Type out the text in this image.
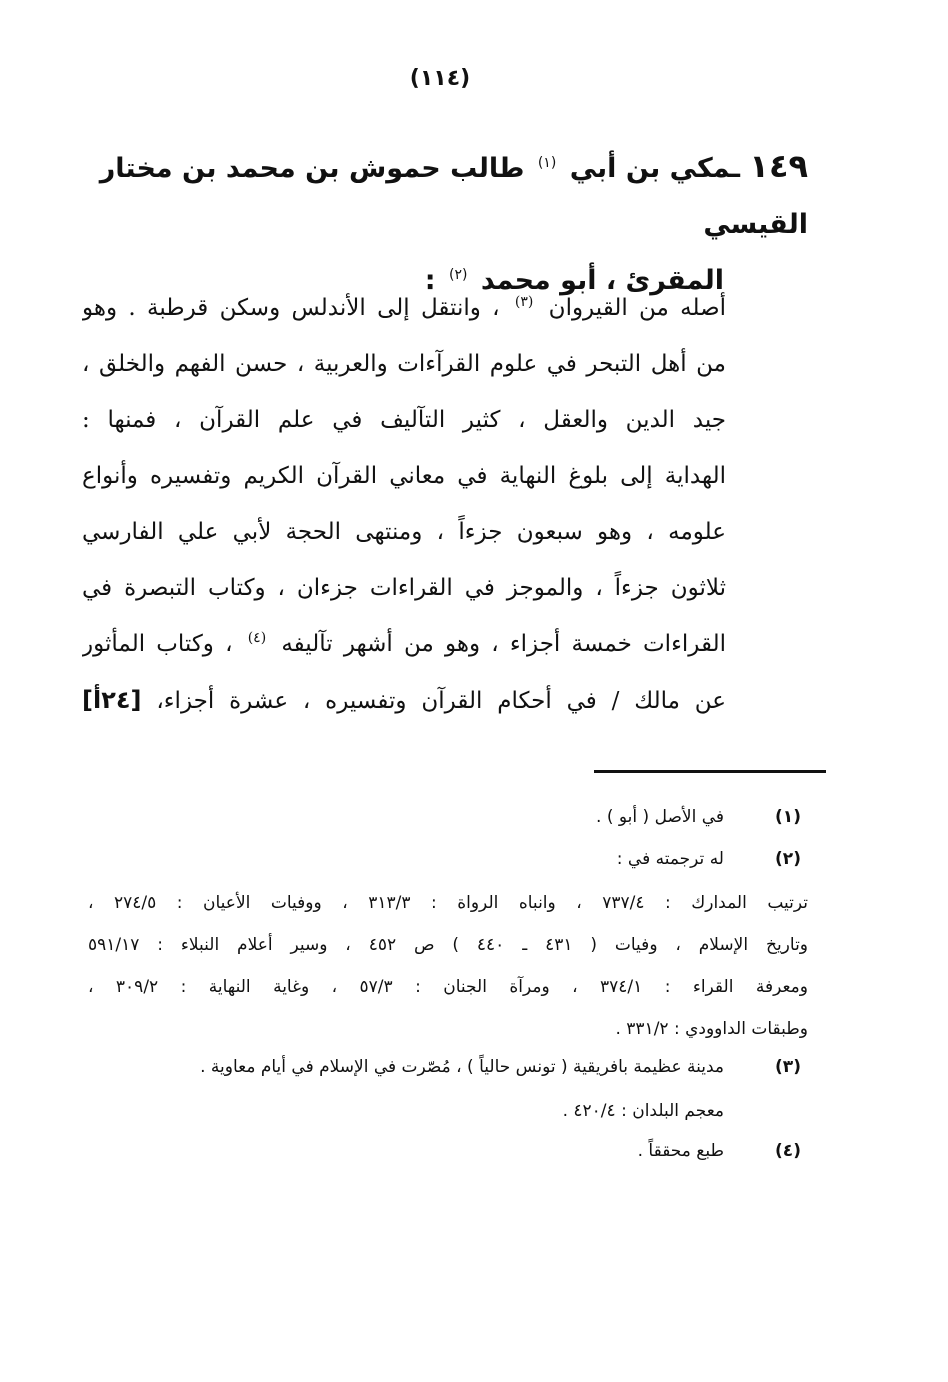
(١١٤)
١٤٩ ـمكي بن أبي $^{(١)}$ طالب حموش بن محمد بن مختار القيسي
المقرئ ، أبو محمد $^{(٢)}$ :
أصله من القيروان $^{(٣)}$ ، وانتقل إلى الأندلس وسكن قرطبة . وهو
من أهل التبحر في علوم القرآءات والعربية ، حسن الفهم والخلق ،
جيد الدين والعقل ، كثير التآليف في علم القرآن ، فمنها :
الهداية إلى بلوغ النهاية في معاني القرآن الكريم وتفسيره وأنواع
علومه ، وهو سبعون جزءاً ، ومنتهى الحجة لأبي علي الفارسي
ثلاثون جزءاً ، والموجز في القراءات جزءان ، وكتاب التبصرة في
القراءات خمسة أجزاء ، وهو من أشهر تآليفه $^{(٤)}$ ، وكتاب المأثور
عن مالك / في أحكام القرآن وتفسيره ، عشرة أجزاء، [٢٤أ]
(١)
في الأصل ( أبو ) .
(٢)
له ترجمته في :
ترتيب المدارك : ٧٣٧/٤ ، وانباه الرواة : ٣١٣/٣ ، ووفيات الأعيان : ٢٧٤/٥ ،
وتاريخ الإسلام ، وفيات ( ٤٣١ ـ ٤٤٠ ) ص ٤٥٢ ، وسير أعلام النبلاء : ٥٩١/١٧
ومعرفة القراء : ٣٧٤/١ ، ومرآة الجنان : ٥٧/٣ ، وغاية النهاية : ٣٠٩/٢ ،
وطبقات الداوودي : ٣٣١/٢ .
(٣)
مدينة عظيمة بافريقية ( تونس حالياً ) ، مُصّرت في الإسلام في أيام معاوية .
معجم البلدان : ٤٢٠/٤ .
(٤)
طبع محققاً .
